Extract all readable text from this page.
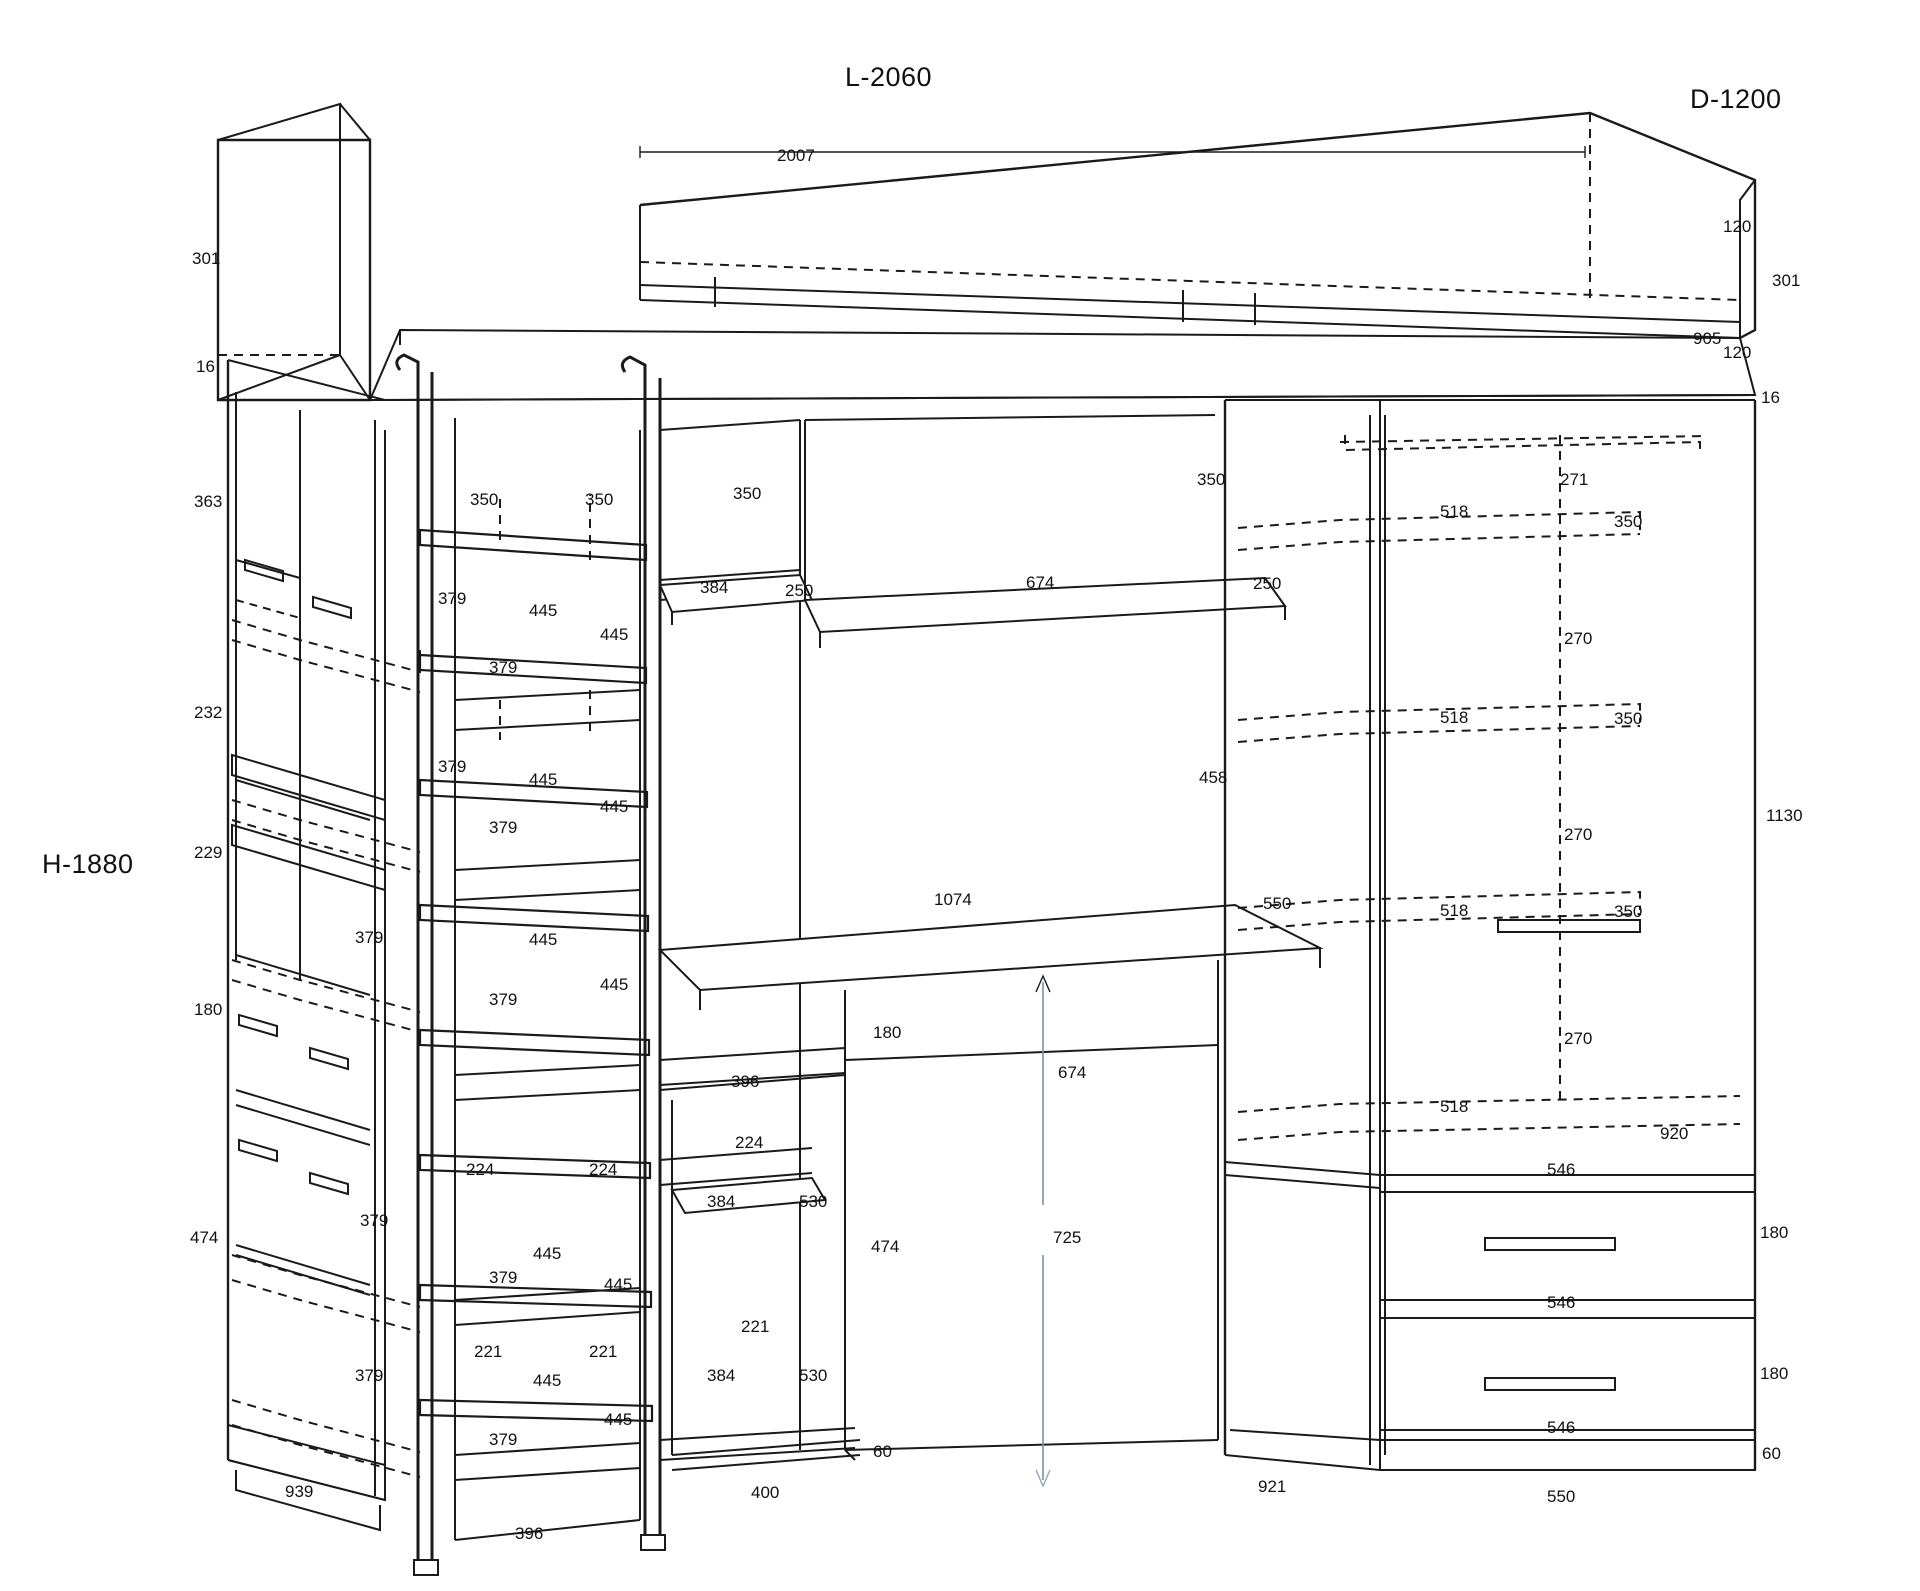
L-2060
D-1200
H-1880
2007
120
301
905
120
16
301
16
363
232
229
180
474
939
350	350	350
350
379
445
445
379
379
445
445
379
379	445
445
379
224	224
445
445
379
379
221	221
445
445
379
379
396
384	250	674	250
458
1074	550
180
396
224
384	530
474
221
384	530
60
400
674
725
271
518
350
270
518	350
270
518	350
270
518
920
546
1130
180
546
180
546
60
921
550
